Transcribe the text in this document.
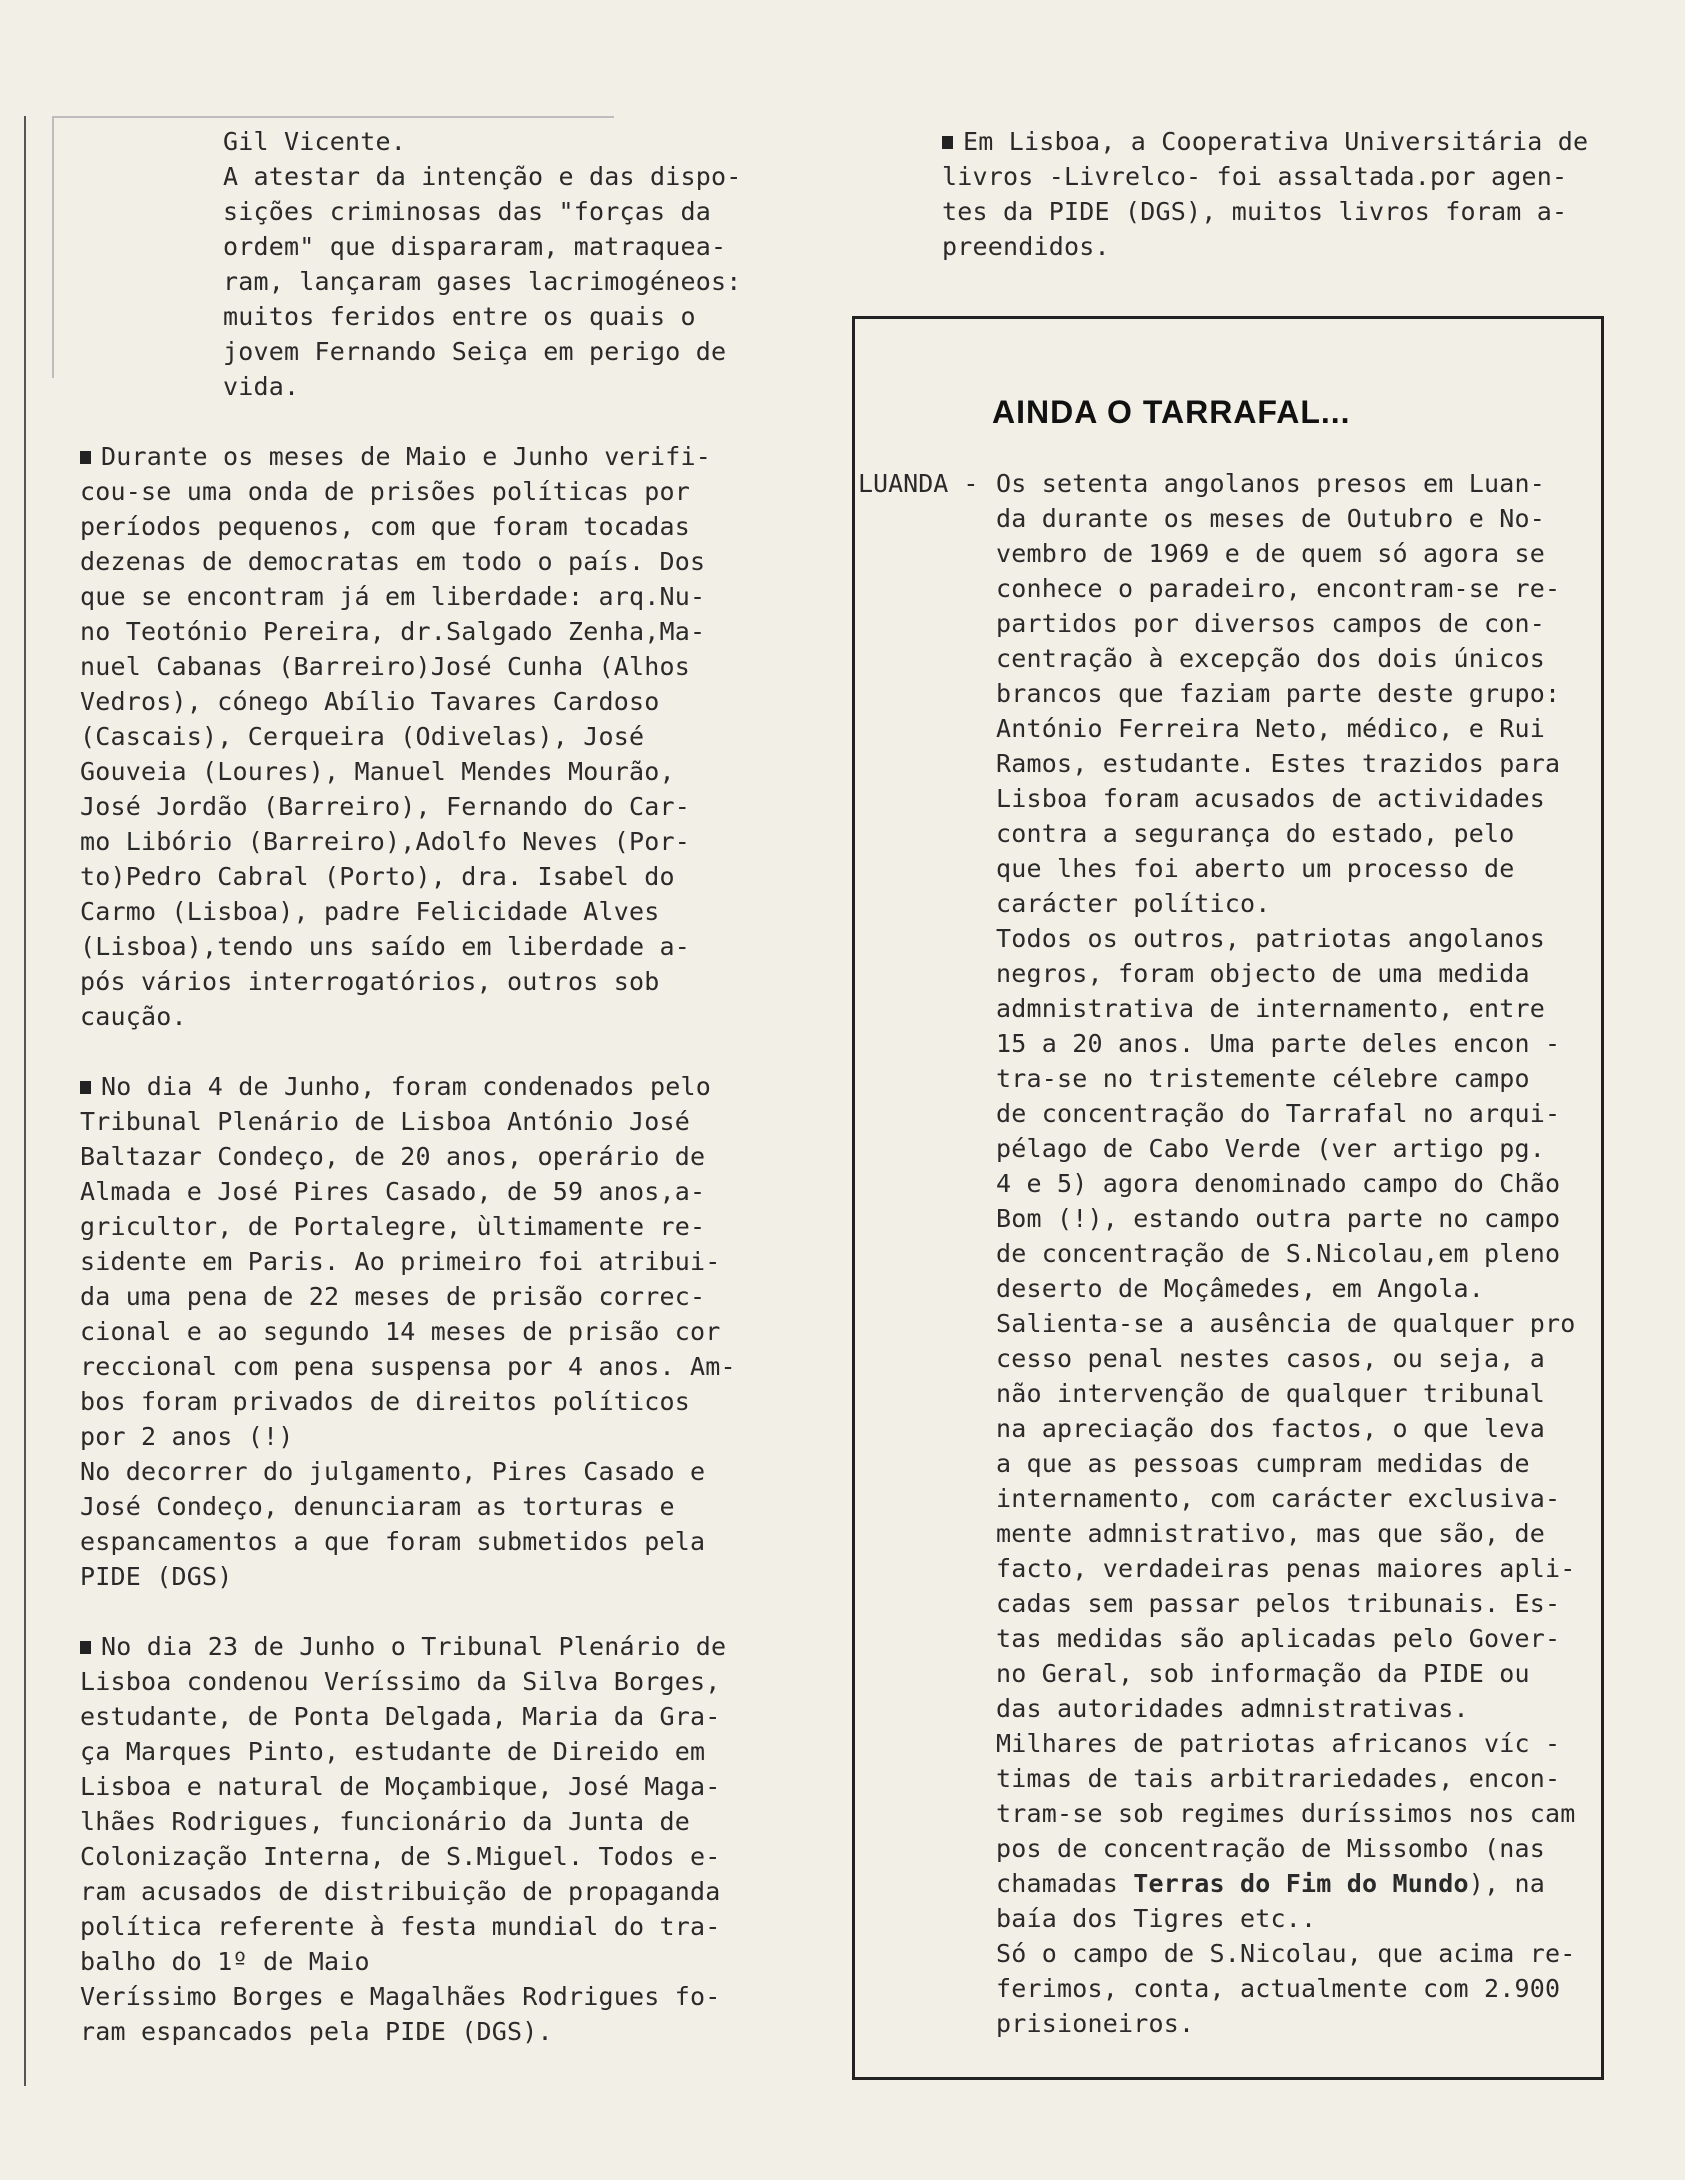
Gil Vicente.
A atestar da intenção e das dispo-
sições criminosas das "forças da
ordem" que dispararam, matraquea-
ram, lançaram gases lacrimogéneos:
muitos feridos entre os quais o
jovem Fernando Seiça em perigo de
vida.

Durante os meses de Maio e Junho verifi-
cou-se uma onda de prisões políticas por
períodos pequenos, com que foram tocadas
dezenas de democratas em todo o país. Dos
que se encontram já em liberdade: arq.Nu-
no Teotónio Pereira, dr.Salgado Zenha,Ma-
nuel Cabanas (Barreiro)José Cunha (Alhos
Vedros), cónego Abílio Tavares Cardoso
(Cascais), Cerqueira (Odivelas), José
Gouveia (Loures), Manuel Mendes Mourão,
José Jordão (Barreiro), Fernando do Car-
mo Libório (Barreiro),Adolfo Neves (Por-
to)Pedro Cabral (Porto), dra. Isabel do
Carmo (Lisboa), padre Felicidade Alves
(Lisboa),tendo uns saído em liberdade a-
pós vários interrogatórios, outros sob
caução.

No dia 4 de Junho, foram condenados pelo
Tribunal Plenário de Lisboa António José
Baltazar Condeço, de 20 anos, operário de
Almada e José Pires Casado, de 59 anos,a-
gricultor, de Portalegre, ùltimamente re-
sidente em Paris. Ao primeiro foi atribui-
da uma pena de 22 meses de prisão correc-
cional e ao segundo 14 meses de prisão cor
reccional com pena suspensa por 4 anos. Am-
bos foram privados de direitos políticos
por 2 anos (!)
No decorrer do julgamento, Pires Casado e
José Condeço, denunciaram as torturas e
espancamentos a que foram submetidos pela
PIDE (DGS)

No dia 23 de Junho o Tribunal Plenário de
Lisboa condenou Veríssimo da Silva Borges,
estudante, de Ponta Delgada, Maria da Gra-
ça Marques Pinto, estudante de Direido em
Lisboa e natural de Moçambique, José Maga-
lhães Rodrigues, funcionário da Junta de
Colonização Interna, de S.Miguel. Todos e-
ram acusados de distribuição de propaganda
política referente à festa mundial do tra-
balho do 1º de Maio
Veríssimo Borges e Magalhães Rodrigues fo-
ram espancados pela PIDE (DGS).

Em Lisboa, a Cooperativa Universitária de
livros -Livrelco- foi assaltada.por agen-
tes da PIDE (DGS), muitos livros foram a-
preendidos.

AINDA O TARRAFAL...
LUANDA - Os setenta angolanos presos em Luan-
da durante os meses de Outubro e No-
vembro de 1969 e de quem só agora se
conhece o paradeiro, encontram-se re-
partidos por diversos campos de con-
centração à excepção dos dois únicos
brancos que faziam parte deste grupo:
António Ferreira Neto, médico, e Rui
Ramos, estudante. Estes trazidos para
Lisboa foram acusados de actividades
contra a segurança do estado, pelo
que lhes foi aberto um processo de
carácter político.
Todos os outros, patriotas angolanos
negros, foram objecto de uma medida
admnistrativa de internamento, entre
15 a 20 anos. Uma parte deles encon -
tra-se no tristemente célebre campo
de concentração do Tarrafal no arqui-
pélago de Cabo Verde (ver artigo pg.
4 e 5) agora denominado campo do Chão
Bom (!), estando outra parte no campo
de concentração de S.Nicolau,em pleno
deserto de Moçâmedes, em Angola.
Salienta-se a ausência de qualquer pro
cesso penal nestes casos, ou seja, a
não intervenção de qualquer tribunal
na apreciação dos factos, o que leva
a que as pessoas cumpram medidas de
internamento, com carácter exclusiva-
mente admnistrativo, mas que são, de
facto, verdadeiras penas maiores apli-
cadas sem passar pelos tribunais. Es-
tas medidas são aplicadas pelo Gover-
no Geral, sob informação da PIDE ou
das autoridades admnistrativas.
Milhares de patriotas africanos víc -
timas de tais arbitrariedades, encon-
tram-se sob regimes duríssimos nos cam
pos de concentração de Missombo (nas
chamadas Terras do Fim do Mundo), na
baía dos Tigres etc..
Só o campo de S.Nicolau, que acima re-
ferimos, conta, actualmente com 2.900
prisioneiros.
